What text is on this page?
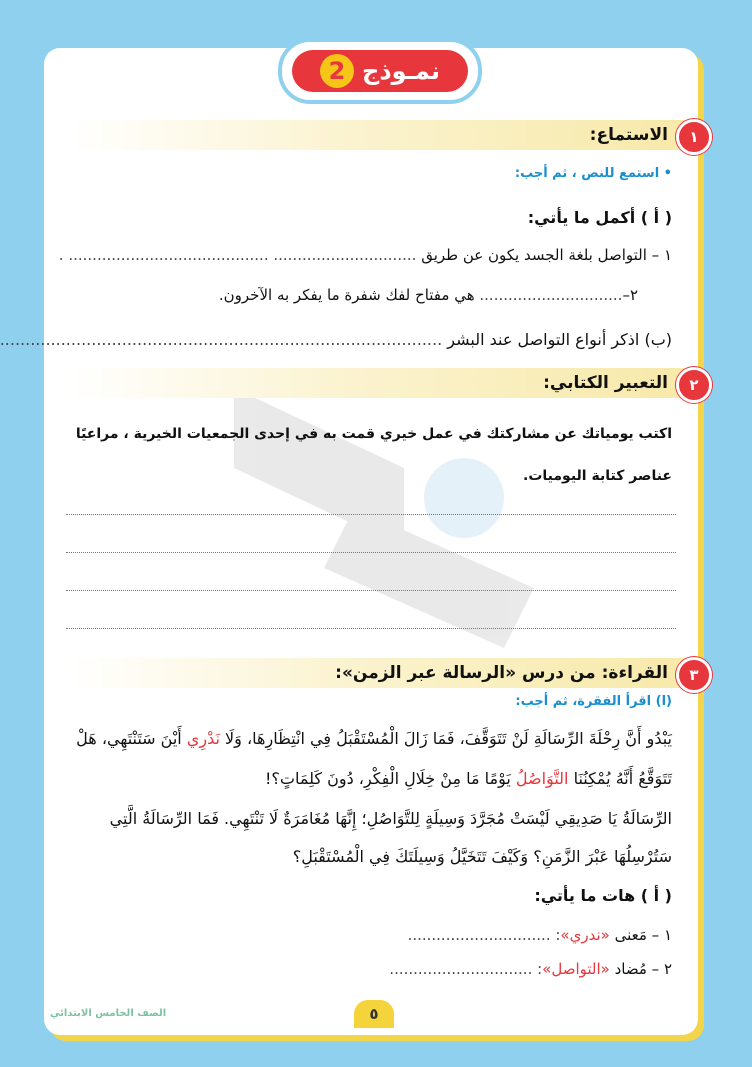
١
الاستماع:
• استمع للنص ، ثم أجب:
( أ ) أكمل ما يأتي:
١ – التواصل بلغة الجسد يكون عن طريق .............................. .......................................... .
٢–.............................. هي مفتاح لفك شفرة ما يفكر به الآخرون.
(ب) اذكر أنواع التواصل عند البشر .......................................................................................
٢
التعبير الكتابي:
اكتب يومياتك عن مشاركتك في عمل خيري قمت به في إحدى الجمعيات الخيرية ، مراعيًا
عناصر كتابة اليوميات.
٣
القراءة: من درس «الرسالة عبر الزمن»:
(ا) اقرأ الفقرة، ثم أجب:
يَبْدُو أَنَّ رِحْلَةَ الرِّسَالَةِ لَنْ تَتَوَقَّفَ، فَمَا زَالَ الْمُسْتَقْبَلُ فِي انْتِظَارِهَا، وَلَا نَدْرِي أَيْنَ سَتَنْتَهِي، هَلْ
تَتَوَقَّعُ أَنَّهُ يُمْكِنُنَا التَّوَاصُلُ يَوْمًا مَا مِنْ خِلَالِ الْفِكْرِ، دُونَ كَلِمَاتٍ؟!
الرِّسَالَةُ يَا صَدِيقِي لَيْسَتْ مُجَرَّدَ وَسِيلَةٍ لِلتَّوَاصُلِ؛ إِنَّهَا مُغَامَرَةٌ لَا تَنْتَهِي. فَمَا الرِّسَالَةُ الَّتِي
سَتُرْسِلُهَا عَبْرَ الزَّمَنِ؟ وَكَيْفَ تَتَخَيَّلُ وَسِيلَتَكَ فِي الْمُسْتَقْبَلِ؟
( أ ) هات ما يأتي:
١ – مَعنى «ندري»: ..............................
٢ – مُضاد «التواصل»: ..............................
نمـوذج
2
الصف الخامس الابتدائي	٥
